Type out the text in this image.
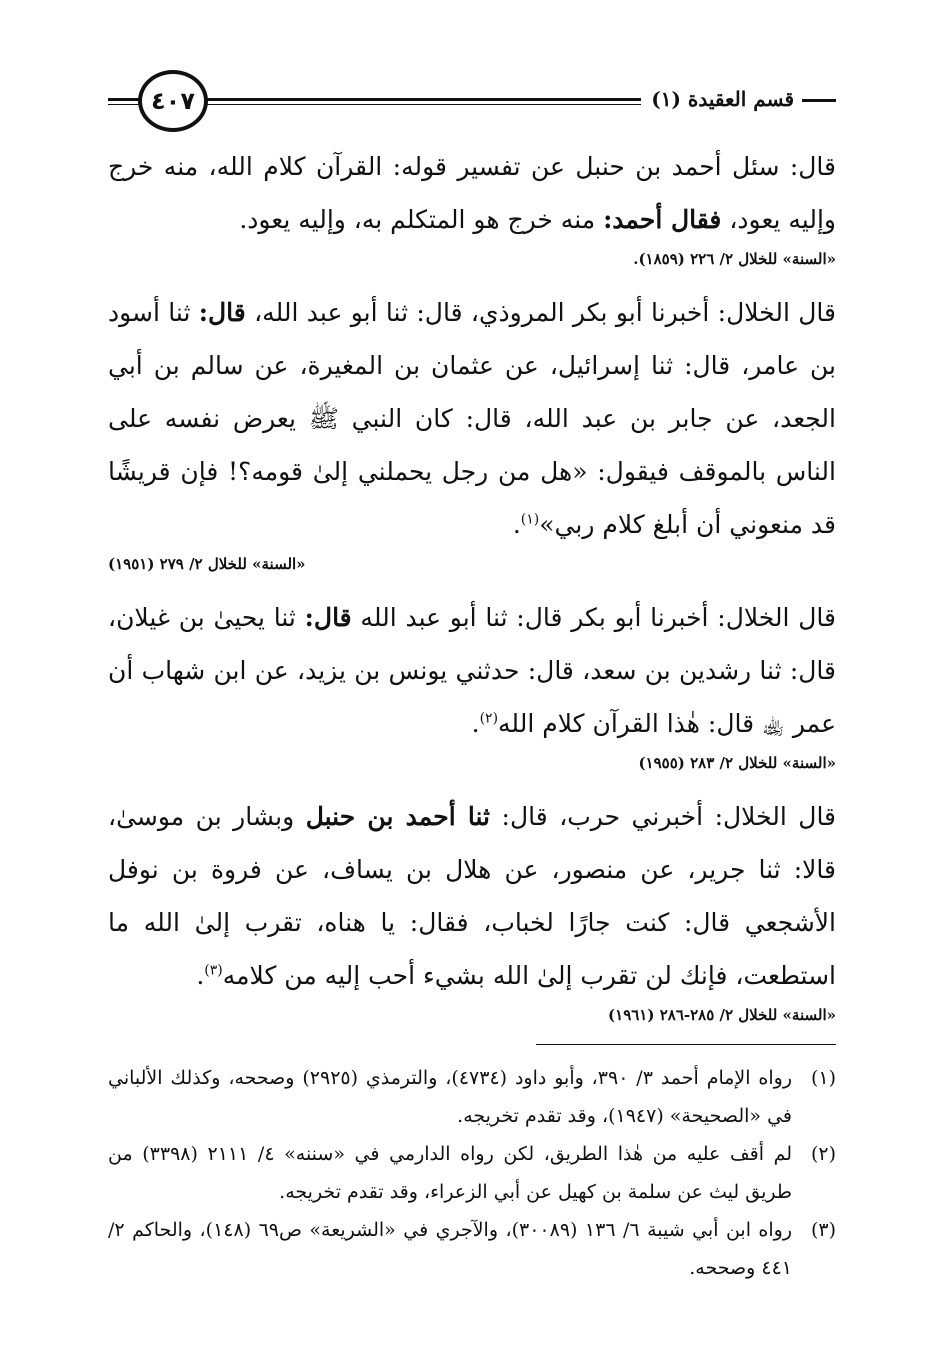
قسم العقيدة (١)
٤٠٧

قال: سئل أحمد بن حنبل عن تفسير قوله: القرآن كلام الله، منه خرج وإليه يعود، فقال أحمد: منه خرج هو المتكلم به، وإليه يعود.

«السنة» للخلال ٢/ ٢٢٦ (١٨٥٩).

قال الخلال: أخبرنا أبو بكر المروذي، قال: ثنا أبو عبد الله، قال: ثنا أسود بن عامر، قال: ثنا إسرائيل، عن عثمان بن المغيرة، عن سالم بن أبي الجعد، عن جابر بن عبد الله، قال: كان النبي ﷺ يعرض نفسه على الناس بالموقف فيقول: «هل من رجل يحملني إلىٰ قومه؟! فإن قريشًا قد منعوني أن أبلغ كلام ربي»$^{(١)}$.

«السنة» للخلال ٢/ ٢٧٩ (١٩٥١)

قال الخلال: أخبرنا أبو بكر قال: ثنا أبو عبد الله قال: ثنا يحيىٰ بن غيلان، قال: ثنا رشدين بن سعد، قال: حدثني يونس بن يزيد، عن ابن شهاب أن عمر ﵀ قال: هٰذا القرآن كلام الله$^{(٢)}$.

«السنة» للخلال ٢/ ٢٨٣ (١٩٥٥)

قال الخلال: أخبرني حرب، قال: ثنا أحمد بن حنبل وبشار بن موسىٰ، قالا: ثنا جرير، عن منصور، عن هلال بن يساف، عن فروة بن نوفل الأشجعي قال: كنت جارًا لخباب، فقال: يا هناه، تقرب إلىٰ الله ما استطعت، فإنك لن تقرب إلىٰ الله بشيء أحب إليه من كلامه$^{(٣)}$.

«السنة» للخلال ٢/ ٢٨٥-٢٨٦ (١٩٦١)
(١)
رواه الإمام أحمد ٣/ ٣٩٠، وأبو داود (٤٧٣٤)، والترمذي (٢٩٢٥) وصححه، وكذلك الألباني في «الصحيحة» (١٩٤٧)، وقد تقدم تخريجه.
(٢)
لم أقف عليه من هٰذا الطريق، لكن رواه الدارمي في «سننه» ٤/ ٢١١١ (٣٣٩٨) من طريق ليث عن سلمة بن كهيل عن أبي الزعراء، وقد تقدم تخريجه.
(٣)
رواه ابن أبي شيبة ٦/ ١٣٦ (٣٠٠٨٩)، والآجري في «الشريعة» ص٦٩ (١٤٨)، والحاكم ٢/ ٤٤١ وصححه.
